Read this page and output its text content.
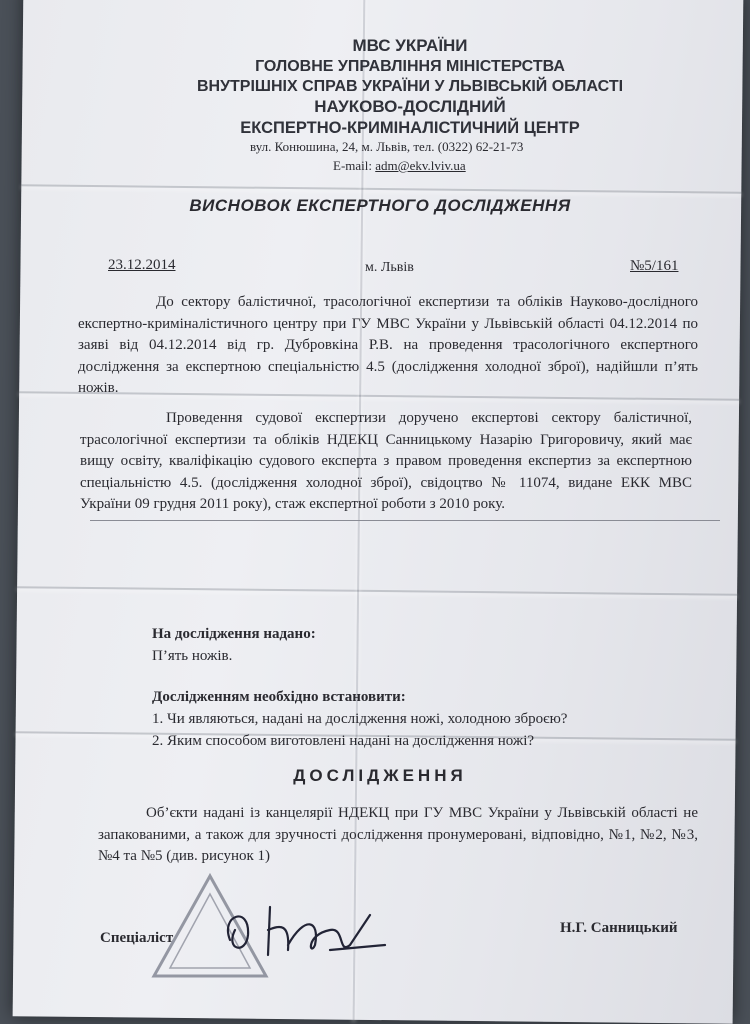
МВС УКРАЇНИ
ГОЛОВНЕ УПРАВЛІННЯ МІНІСТЕРСТВА
ВНУТРІШНІХ СПРАВ УКРАЇНИ У ЛЬВІВСЬКІЙ ОБЛАСТІ
НАУКОВО-ДОСЛІДНИЙ
ЕКСПЕРТНО-КРИМІНАЛІСТИЧНИЙ ЦЕНТР
вул. Конюшина, 24, м. Львів, тел. (0322) 62-21-73
E-mail: adm@ekv.lviv.ua
ВИСНОВОК ЕКСПЕРТНОГО ДОСЛІДЖЕННЯ
23.12.2014	м. Львів	№5/161
До сектору балістичної, трасологічної експертизи та обліків Науково-дослідного експертно-криміналістичного центру при ГУ МВС України у Львівській області 04.12.2014 по заяві від 04.12.2014 від гр. Дубровкіна Р.В. на проведення трасологічного експертного дослідження за експертною спеціальністю 4.5 (дослідження холодної зброї), надійшли п’ять ножів.
Проведення судової експертизи доручено експертові сектору балістичної, трасологічної експертизи та обліків НДЕКЦ Санницькому Назарію Григоровичу, який має вищу освіту, кваліфікацію судового експерта з правом проведення експертиз за експертною спеціальністю 4.5. (дослідження холодної зброї), свідоцтво № 11074, видане ЕКК МВС України 09 грудня 2011 року), стаж експертної роботи з 2010 року.
На дослідження надано:
П’ять ножів.
Дослідженням необхідно встановити:
1. Чи являються, надані на дослідження ножі, холодною зброєю?
2. Яким способом виготовлені надані на дослідження ножі?
ДОСЛІДЖЕННЯ
Об’єкти надані із канцелярії НДЕКЦ при ГУ МВС України у Львівській області не запакованими, а також для зручності дослідження пронумеровані, відповідно, №1, №2, №3, №4 та №5 (див. рисунок 1)
Спеціаліст
Н.Г. Санницький
